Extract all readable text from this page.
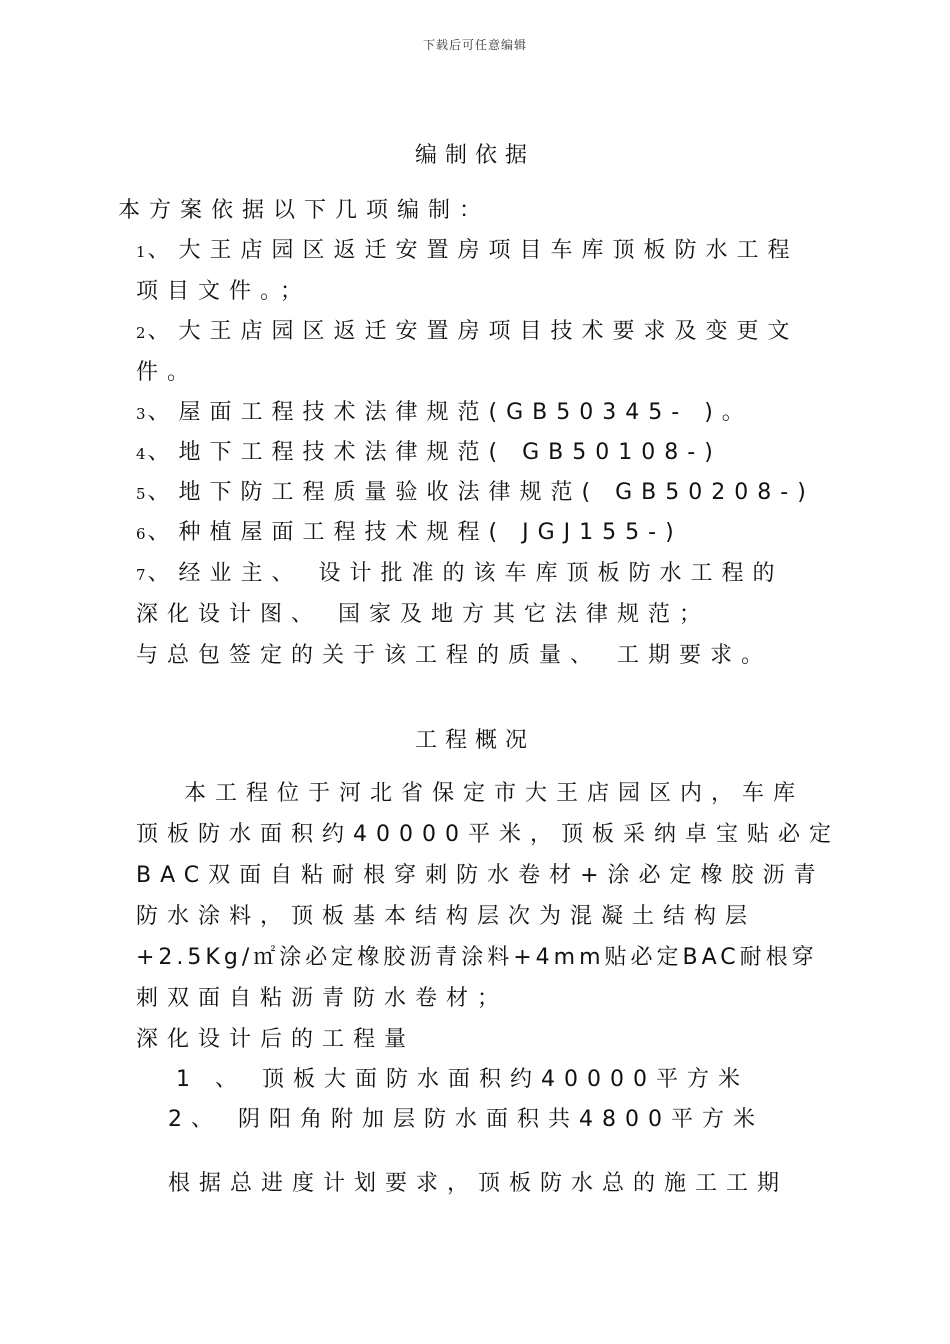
下载后可任意编辑
编制依据
本方案依据以下几项编制：
1、大王店园区返迁安置房项目车库顶板防水工程
项目文件。；
2、大王店园区返迁安置房项目技术要求及变更文
件。
3、屋面工程技术法律规范(GB50345- )。
4、地下工程技术法律规范( GB50108-)
5、地下防工程质量验收法律规范( GB50208-)
6、种植屋面工程技术规程( JGJ155-)
7、经业主、 设计批准的该车库顶板防水工程的
深化设计图、 国家及地方其它法律规范；
与总包签定的关于该工程的质量、 工期要求。
工程概况
本工程位于河北省保定市大王店园区内，车库
顶板防水面积约40000平米，顶板采纳卓宝贴必定
BAC双面自粘耐根穿刺防水卷材+涂必定橡胶沥青
防水涂料，顶板基本结构层次为混凝土结构层
+2.5Kg/㎡涂必定橡胶沥青涂料+4mm贴必定BAC耐根穿
刺双面自粘沥青防水卷材；
深化设计后的工程量
1 、 顶板大面防水面积约40000平方米
2、 阴阳角附加层防水面积共4800平方米
根据总进度计划要求，顶板防水总的施工工期
